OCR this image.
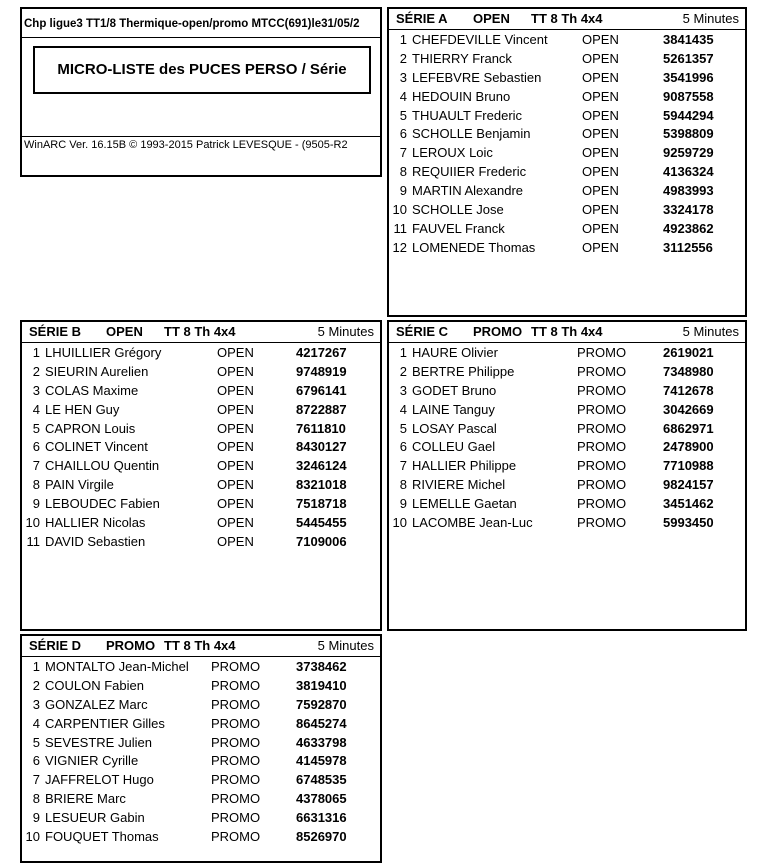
Chp ligue3 TT1/8 Thermique-open/promo MTCC(691)le31/05/2
MICRO-LISTE des PUCES PERSO / Série
WinARC Ver. 16.15B © 1993-2015 Patrick LEVESQUE - (9505-R2
SÉRIE A OPEN TT 8 Th 4x4	5 Minutes
1 CHEFDEVILLE Vincent	OPEN	3841435
2 THIERRY Franck	OPEN	5261357
3 LEFEBVRE Sebastien	OPEN	3541996
4 HEDOUIN Bruno	OPEN	9087558
5 THUAULT Frederic	OPEN	5944294
6 SCHOLLE Benjamin	OPEN	5398809
7 LEROUX Loic	OPEN	9259729
8 REQUIIER Frederic	OPEN	4136324
9 MARTIN Alexandre	OPEN	4983993
10 SCHOLLE Jose	OPEN	3324178
11 FAUVEL Franck	OPEN	4923862
12 LOMENEDE Thomas	OPEN	3112556
SÉRIE B OPEN TT 8 Th 4x4	5 Minutes
1 LHUILLIER Grégory	OPEN	4217267
2 SIEURIN Aurelien	OPEN	9748919
3 COLAS Maxime	OPEN	6796141
4 LE HEN Guy	OPEN	8722887
5 CAPRON Louis	OPEN	7611810
6 COLINET Vincent	OPEN	8430127
7 CHAILLOU Quentin	OPEN	3246124
8 PAIN Virgile	OPEN	8321018
9 LEBOUDEC Fabien	OPEN	7518718
10 HALLIER Nicolas	OPEN	5445455
11 DAVID Sebastien	OPEN	7109006
SÉRIE C PROMO TT 8 Th 4x4	5 Minutes
1 HAURE Olivier	PROMO	2619021
2 BERTRE Philippe	PROMO	7348980
3 GODET Bruno	PROMO	7412678
4 LAINE Tanguy	PROMO	3042669
5 LOSAY Pascal	PROMO	6862971
6 COLLEU Gael	PROMO	2478900
7 HALLIER Philippe	PROMO	7710988
8 RIVIERE Michel	PROMO	9824157
9 LEMELLE Gaetan	PROMO	3451462
10 LACOMBE Jean-Luc	PROMO	5993450
SÉRIE D PROMO TT 8 Th 4x4	5 Minutes
1 MONTALTO Jean-Michel PROMO	3738462
2 COULON Fabien	PROMO	3819410
3 GONZALEZ Marc	PROMO	7592870
4 CARPENTIER Gilles	PROMO	8645274
5 SEVESTRE Julien	PROMO	4633798
6 VIGNIER Cyrille	PROMO	4145978
7 JAFFRELOT Hugo	PROMO	6748535
8 BRIERE Marc	PROMO	4378065
9 LESUEUR Gabin	PROMO	6631316
10 FOUQUET Thomas	PROMO	8526970
